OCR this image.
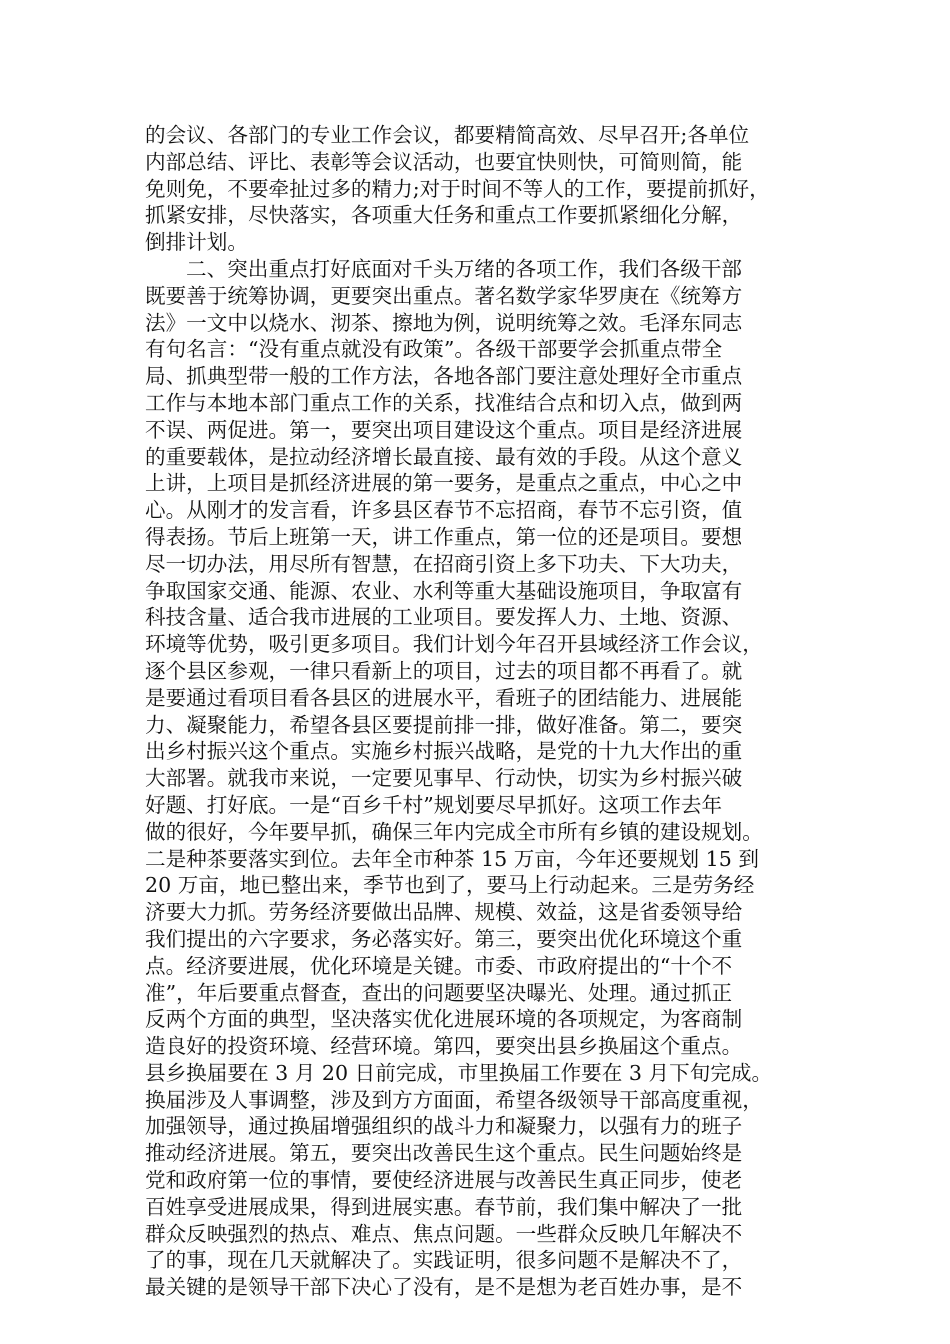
的会议、各部门的专业工作会议，都要精简高效、尽早召开;各单位
内部总结、评比、表彰等会议活动，也要宜快则快，可简则简，能
免则免，不要牵扯过多的精力;对于时间不等人的工作，要提前抓好，
抓紧安排，尽快落实，各项重大任务和重点工作要抓紧细化分解，
倒排计划。
二、突出重点打好底面对千头万绪的各项工作，我们各级干部
既要善于统筹协调，更要突出重点。著名数学家华罗庚在《统筹方
法》一文中以烧水、沏茶、擦地为例，说明统筹之效。毛泽东同志
有句名言：“没有重点就没有政策”。各级干部要学会抓重点带全
局、抓典型带一般的工作方法，各地各部门要注意处理好全市重点
工作与本地本部门重点工作的关系，找准结合点和切入点，做到两
不误、两促进。第一，要突出项目建设这个重点。项目是经济进展
的重要载体，是拉动经济增长最直接、最有效的手段。从这个意义
上讲，上项目是抓经济进展的第一要务，是重点之重点，中心之中
心。从刚才的发言看，许多县区春节不忘招商，春节不忘引资，值
得表扬。节后上班第一天，讲工作重点，第一位的还是项目。要想
尽一切办法，用尽所有智慧，在招商引资上多下功夫、下大功夫，
争取国家交通、能源、农业、水利等重大基础设施项目，争取富有
科技含量、适合我市进展的工业项目。要发挥人力、土地、资源、
环境等优势，吸引更多项目。我们计划今年召开县域经济工作会议，
逐个县区参观，一律只看新上的项目，过去的项目都不再看了。就
是要通过看项目看各县区的进展水平，看班子的团结能力、进展能
力、凝聚能力，希望各县区要提前排一排，做好准备。第二，要突
出乡村振兴这个重点。实施乡村振兴战略，是党的十九大作出的重
大部署。就我市来说，一定要见事早、行动快，切实为乡村振兴破
好题、打好底。一是“百乡千村”规划要尽早抓好。这项工作去年
做的很好，今年要早抓，确保三年内完成全市所有乡镇的建设规划。
二是种茶要落实到位。去年全市种茶 15 万亩，今年还要规划 15 到
20 万亩，地已整出来，季节也到了，要马上行动起来。三是劳务经
济要大力抓。劳务经济要做出品牌、规模、效益，这是省委领导给
我们提出的六字要求，务必落实好。第三，要突出优化环境这个重
点。经济要进展，优化环境是关键。市委、市政府提出的“十个不
准”，年后要重点督查，查出的问题要坚决曝光、处理。通过抓正
反两个方面的典型，坚决落实优化进展环境的各项规定，为客商制
造良好的投资环境、经营环境。第四，要突出县乡换届这个重点。
县乡换届要在 3 月 20 日前完成，市里换届工作要在 3 月下旬完成。
换届涉及人事调整，涉及到方方面面，希望各级领导干部高度重视，
加强领导，通过换届增强组织的战斗力和凝聚力，以强有力的班子
推动经济进展。第五，要突出改善民生这个重点。民生问题始终是
党和政府第一位的事情，要使经济进展与改善民生真正同步，使老
百姓享受进展成果，得到进展实惠。春节前，我们集中解决了一批
群众反映强烈的热点、难点、焦点问题。一些群众反映几年解决不
了的事，现在几天就解决了。实践证明，很多问题不是解决不了，
最关键的是领导干部下决心了没有，是不是想为老百姓办事，是不
